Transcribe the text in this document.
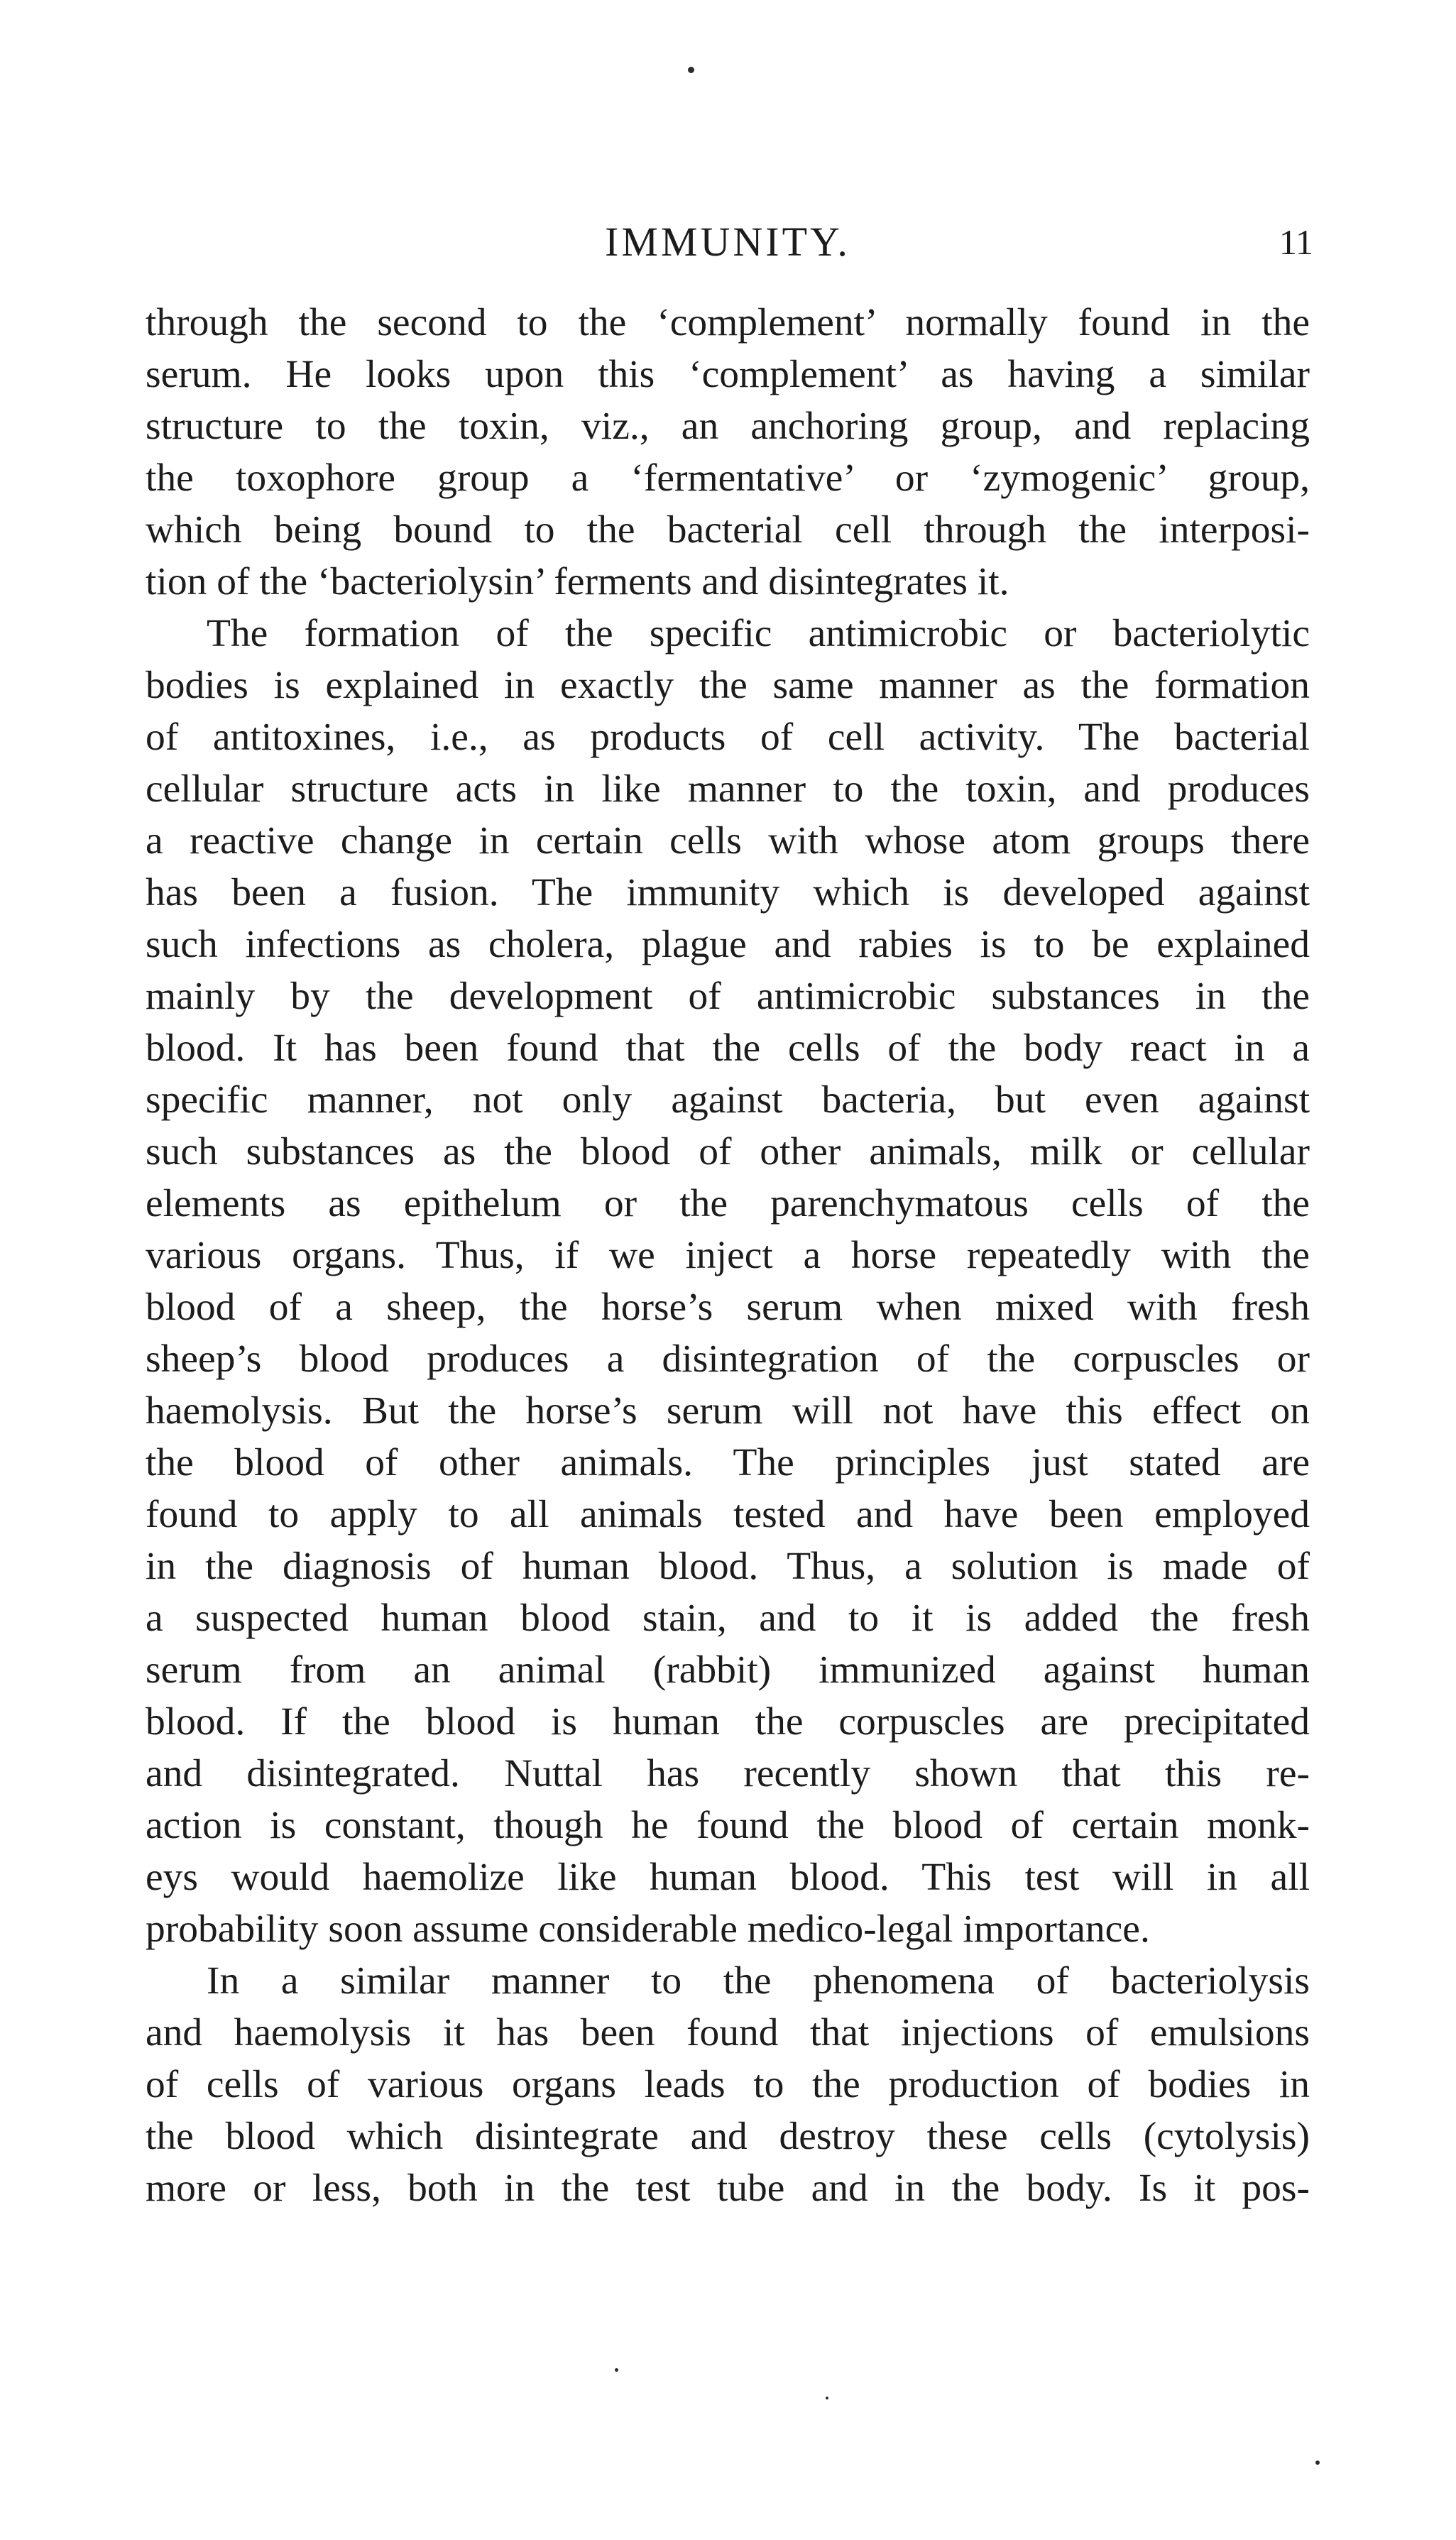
IMMUNITY.	11
through the second to the ‘complement’ normally found in the
serum. He looks upon this ‘complement’ as having a similar
structure to the toxin, viz., an anchoring group, and replacing
the toxophore group a ‘fermentative’ or ‘zymogenic’ group,
which being bound to the bacterial cell through the interposi-
tion of the ‘bacteriolysin’ ferments and disintegrates it.
The formation of the specific antimicrobic or bacteriolytic
bodies is explained in exactly the same manner as the formation
of antitoxines, i.e., as products of cell activity. The bacterial
cellular structure acts in like manner to the toxin, and produces
a reactive change in certain cells with whose atom groups there
has been a fusion. The immunity which is developed against
such infections as cholera, plague and rabies is to be explained
mainly by the development of antimicrobic substances in the
blood. It has been found that the cells of the body react in a
specific manner, not only against bacteria, but even against
such substances as the blood of other animals, milk or cellular
elements as epithelum or the parenchymatous cells of the
various organs. Thus, if we inject a horse repeatedly with the
blood of a sheep, the horse’s serum when mixed with fresh
sheep’s blood produces a disintegration of the corpuscles or
haemolysis. But the horse’s serum will not have this effect on
the blood of other animals. The principles just stated are
found to apply to all animals tested and have been employed
in the diagnosis of human blood. Thus, a solution is made of
a suspected human blood stain, and to it is added the fresh
serum from an animal (rabbit) immunized against human
blood. If the blood is human the corpuscles are precipitated
and disintegrated. Nuttal has recently shown that this re-
action is constant, though he found the blood of certain monk-
eys would haemolize like human blood. This test will in all
probability soon assume considerable medico-legal importance.
In a similar manner to the phenomena of bacteriolysis
and haemolysis it has been found that injections of emulsions
of cells of various organs leads to the production of bodies in
the blood which disintegrate and destroy these cells (cytolysis)
more or less, both in the test tube and in the body. Is it pos-
